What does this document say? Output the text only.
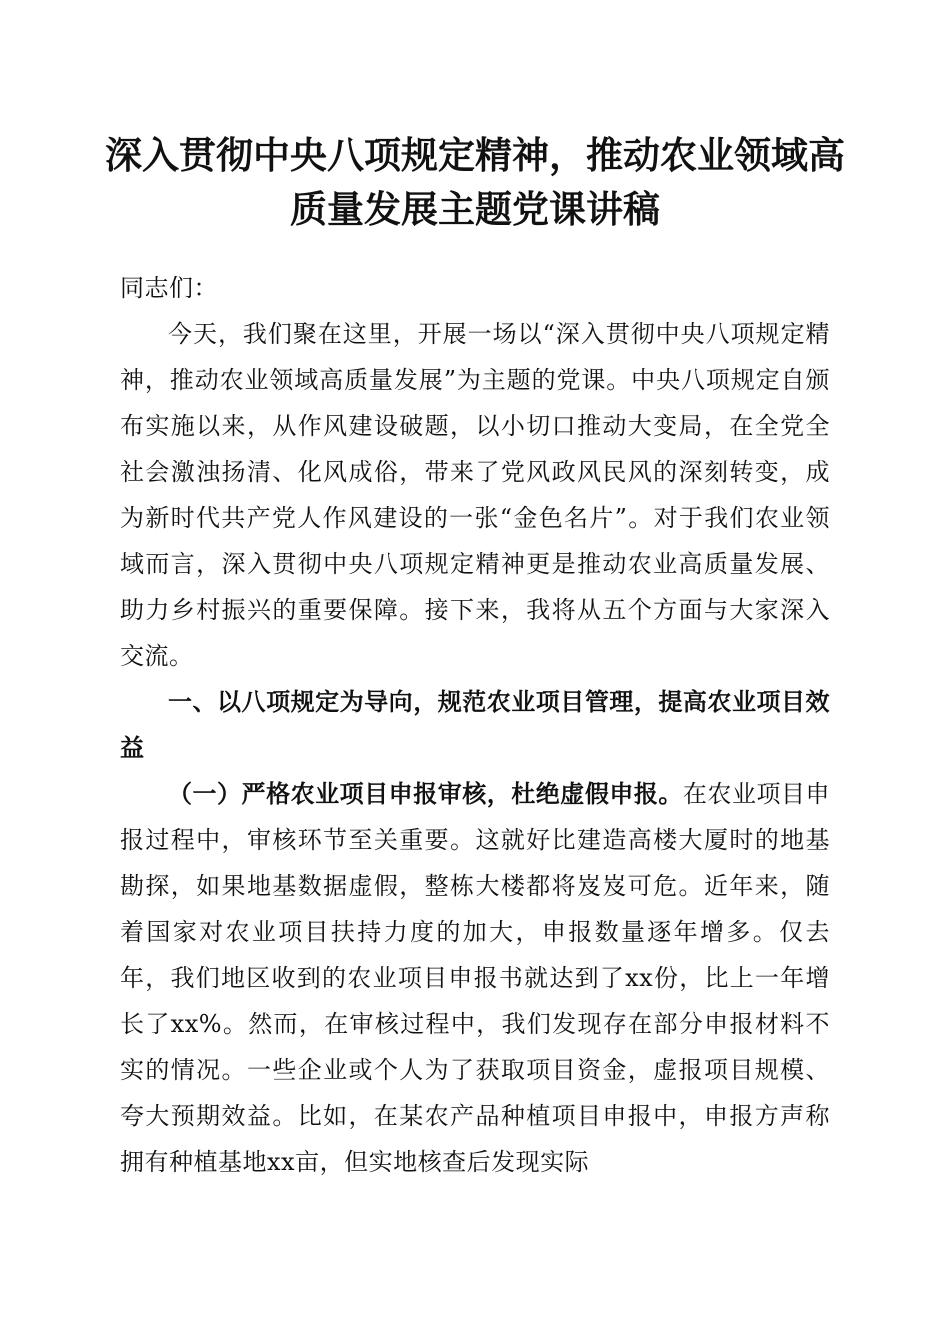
深入贯彻中央八项规定精神，推动农业领域高
质量发展主题党课讲稿

同志们：

今天，我们聚在这里，开展一场以“深入贯彻中央八项规定精神，推动农业领域高质量发展”为主题的党课。中央八项规定自颁布实施以来，从作风建设破题，以小切口推动大变局，在全党全社会激浊扬清、化风成俗，带来了党风政风民风的深刻转变，成为新时代共产党人作风建设的一张“金色名片”。对于我们农业领域而言，深入贯彻中央八项规定精神更是推动农业高质量发展、助力乡村振兴的重要保障。接下来，我将从五个方面与大家深入交流。

一、以八项规定为导向，规范农业项目管理，提高农业项目效益

（一）严格农业项目申报审核，杜绝虚假申报。在农业项目申报过程中，审核环节至关重要。这就好比建造高楼大厦时的地基勘探，如果地基数据虚假，整栋大楼都将岌岌可危。近年来，随着国家对农业项目扶持力度的加大，申报数量逐年增多。仅去年，我们地区收到的农业项目申报书就达到了xx份，比上一年增长了xx%。然而，在审核过程中，我们发现存在部分申报材料不实的情况。一些企业或个人为了获取项目资金，虚报项目规模、夸大预期效益。比如，在某农产品种植项目申报中，申报方声称拥有种植基地xx亩，但实地核查后发现实际
